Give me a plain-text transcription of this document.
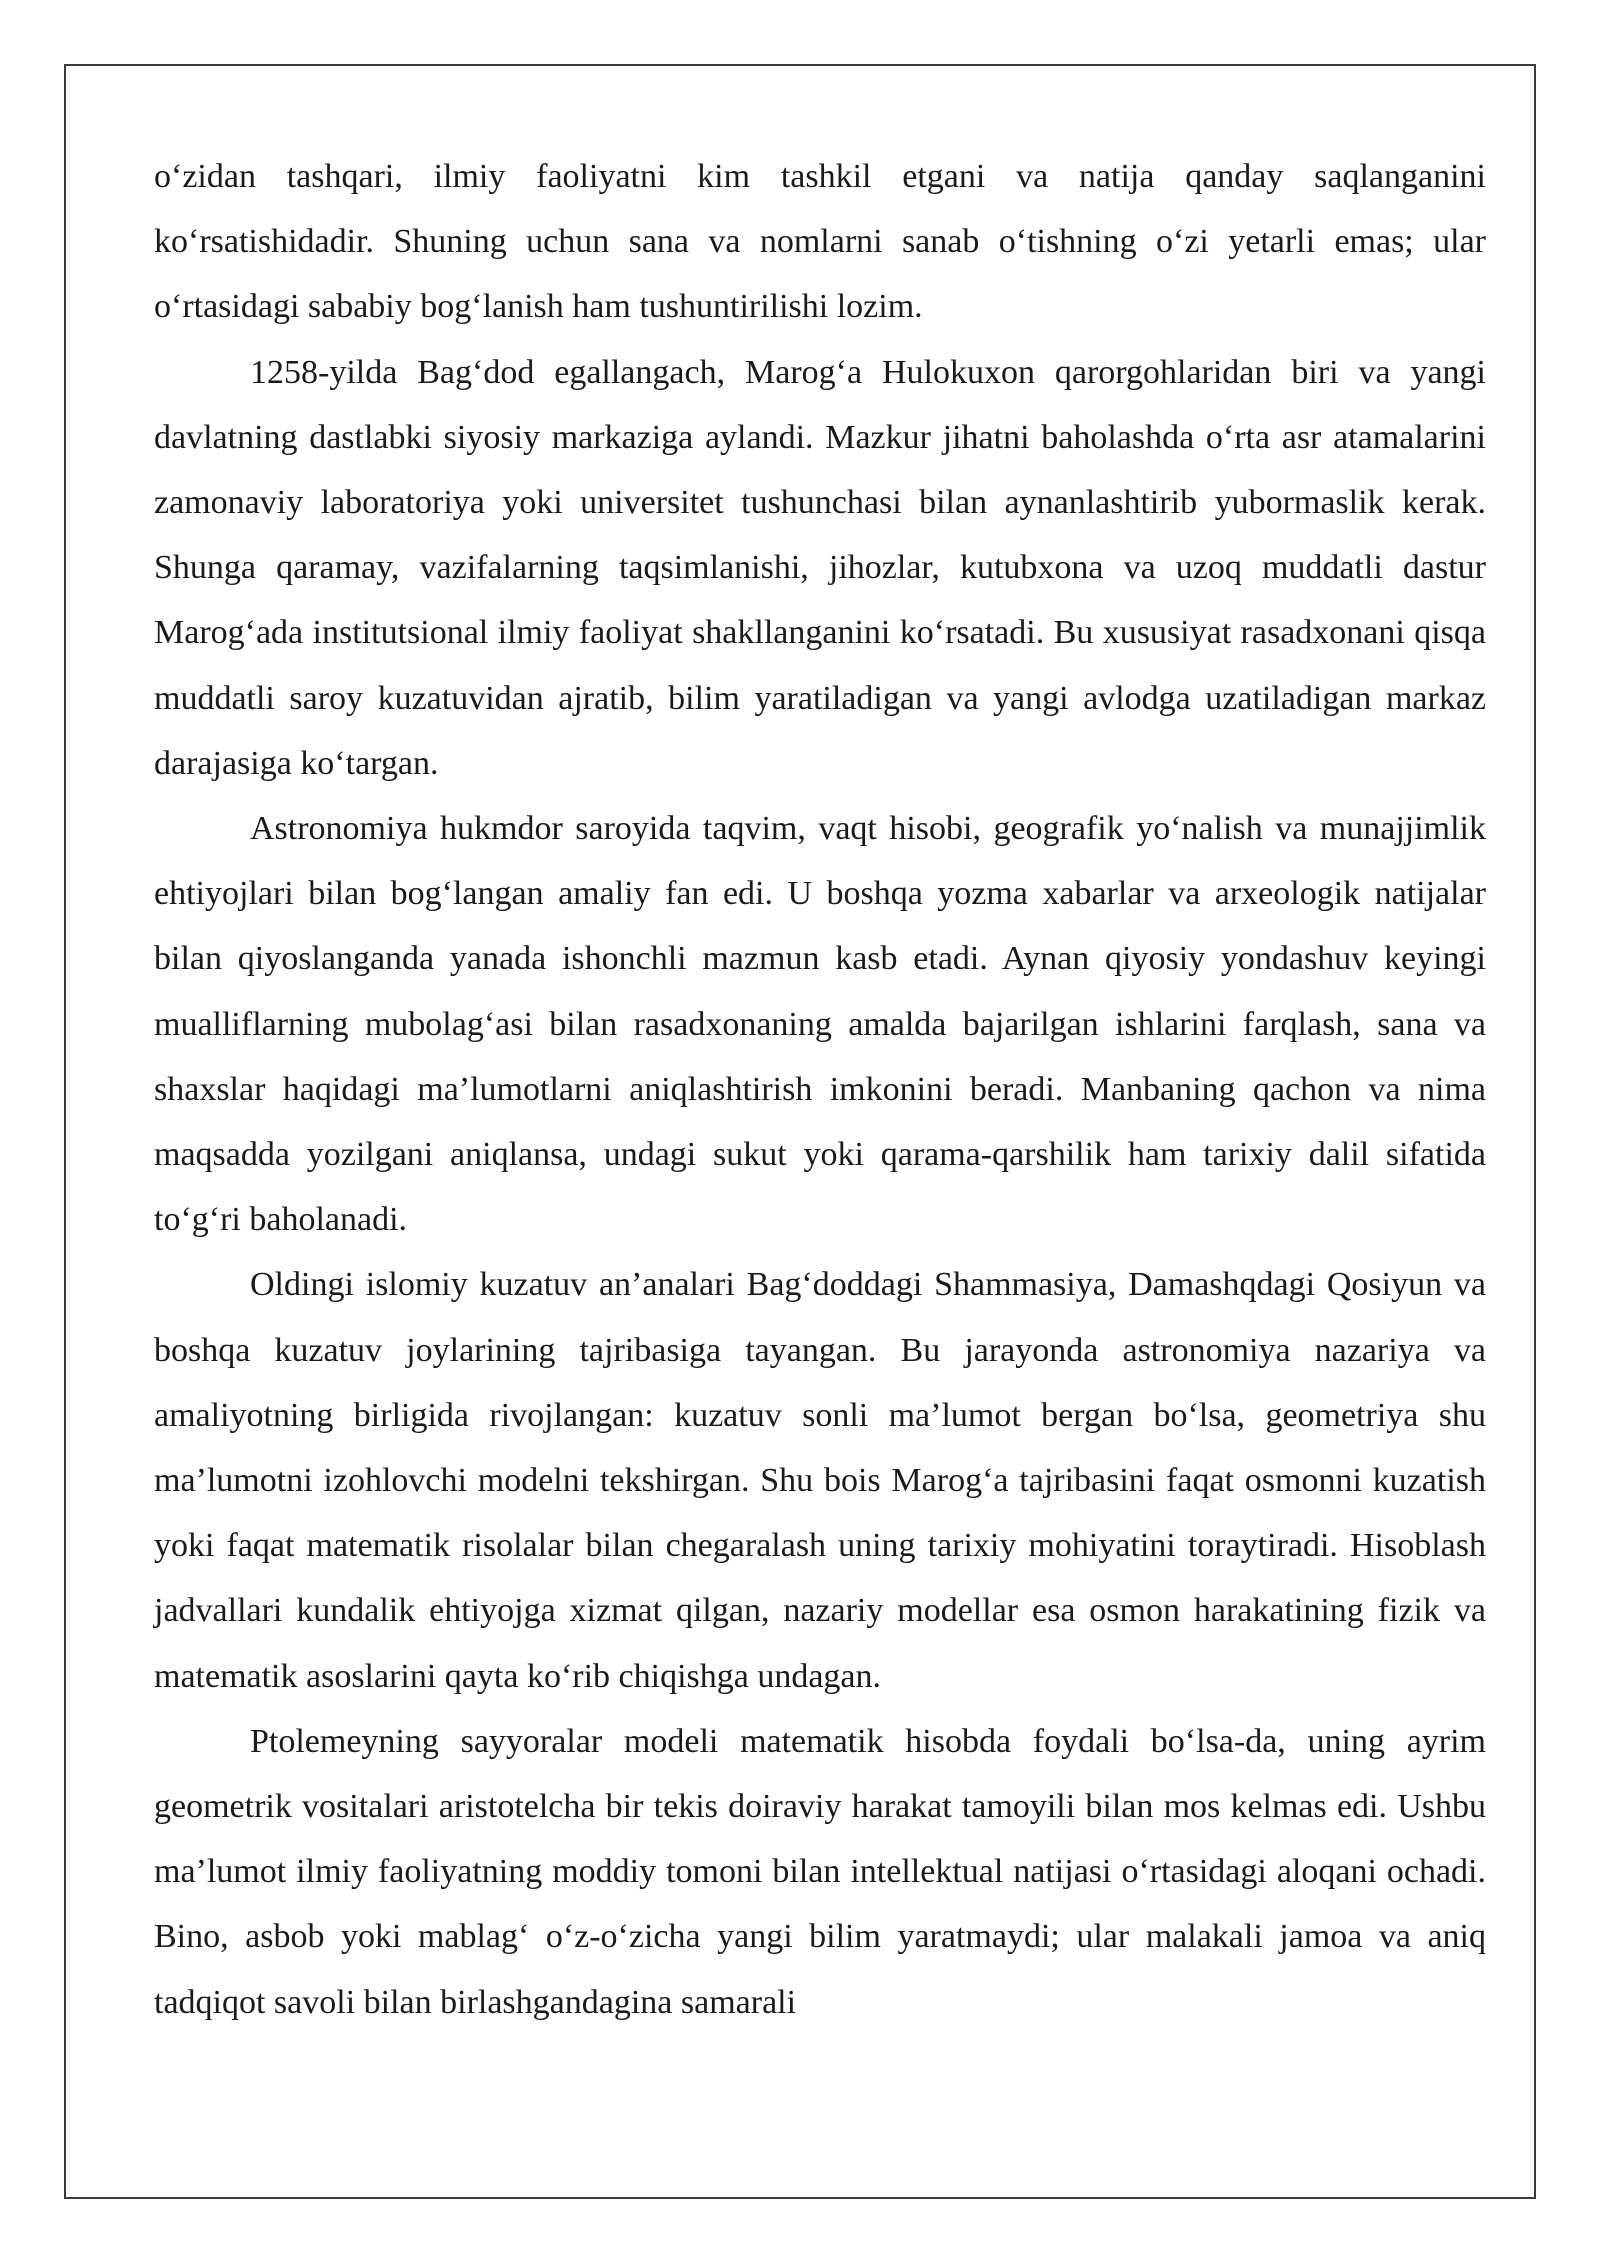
o‘zidan tashqari, ilmiy faoliyatni kim tashkil etgani va natija qanday saqlanganini ko‘rsatishidadir. Shuning uchun sana va nomlarni sanab o‘tishning o‘zi yetarli emas; ular o‘rtasidagi sababiy bog‘lanish ham tushuntirilishi lozim.

1258-yilda Bag‘dod egallangach, Marog‘a Hulokuxon qarorgohlaridan biri va yangi davlatning dastlabki siyosiy markaziga aylandi. Mazkur jihatni baholashda o‘rta asr atamalarini zamonaviy laboratoriya yoki universitet tushunchasi bilan aynanlashtirib yubormaslik kerak. Shunga qaramay, vazifalarning taqsimlanishi, jihozlar, kutubxona va uzoq muddatli dastur Marog‘ada institutsional ilmiy faoliyat shakllanganini ko‘rsatadi. Bu xususiyat rasadxonani qisqa muddatli saroy kuzatuvidan ajratib, bilim yaratiladigan va yangi avlodga uzatiladigan markaz darajasiga ko‘targan.

Astronomiya hukmdor saroyida taqvim, vaqt hisobi, geografik yo‘nalish va munajjimlik ehtiyojlari bilan bog‘langan amaliy fan edi. U boshqa yozma xabarlar va arxeologik natijalar bilan qiyoslanganda yanada ishonchli mazmun kasb etadi. Aynan qiyosiy yondashuv keyingi mualliflarning mubolag‘asi bilan rasadxonaning amalda bajarilgan ishlarini farqlash, sana va shaxslar haqidagi ma’lumotlarni aniqlashtirish imkonini beradi. Manbaning qachon va nima maqsadda yozilgani aniqlansa, undagi sukut yoki qarama-qarshilik ham tarixiy dalil sifatida to‘g‘ri baholanadi.

Oldingi islomiy kuzatuv an’analari Bag‘doddagi Shammasiya, Damashqdagi Qosiyun va boshqa kuzatuv joylarining tajribasiga tayangan. Bu jarayonda astronomiya nazariya va amaliyotning birligida rivojlangan: kuzatuv sonli ma’lumot bergan bo‘lsa, geometriya shu ma’lumotni izohlovchi modelni tekshirgan. Shu bois Marog‘a tajribasini faqat osmonni kuzatish yoki faqat matematik risolalar bilan chegaralash uning tarixiy mohiyatini toraytiradi. Hisoblash jadvallari kundalik ehtiyojga xizmat qilgan, nazariy modellar esa osmon harakatining fizik va matematik asoslarini qayta ko‘rib chiqishga undagan.

Ptolemeyning sayyoralar modeli matematik hisobda foydali bo‘lsa-da, uning ayrim geometrik vositalari aristotelcha bir tekis doiraviy harakat tamoyili bilan mos kelmas edi. Ushbu ma’lumot ilmiy faoliyatning moddiy tomoni bilan intellektual natijasi o‘rtasidagi aloqani ochadi. Bino, asbob yoki mablag‘ o‘z-o‘zicha yangi bilim yaratmaydi; ular malakali jamoa va aniq tadqiqot savoli bilan birlashgandagina samarali
